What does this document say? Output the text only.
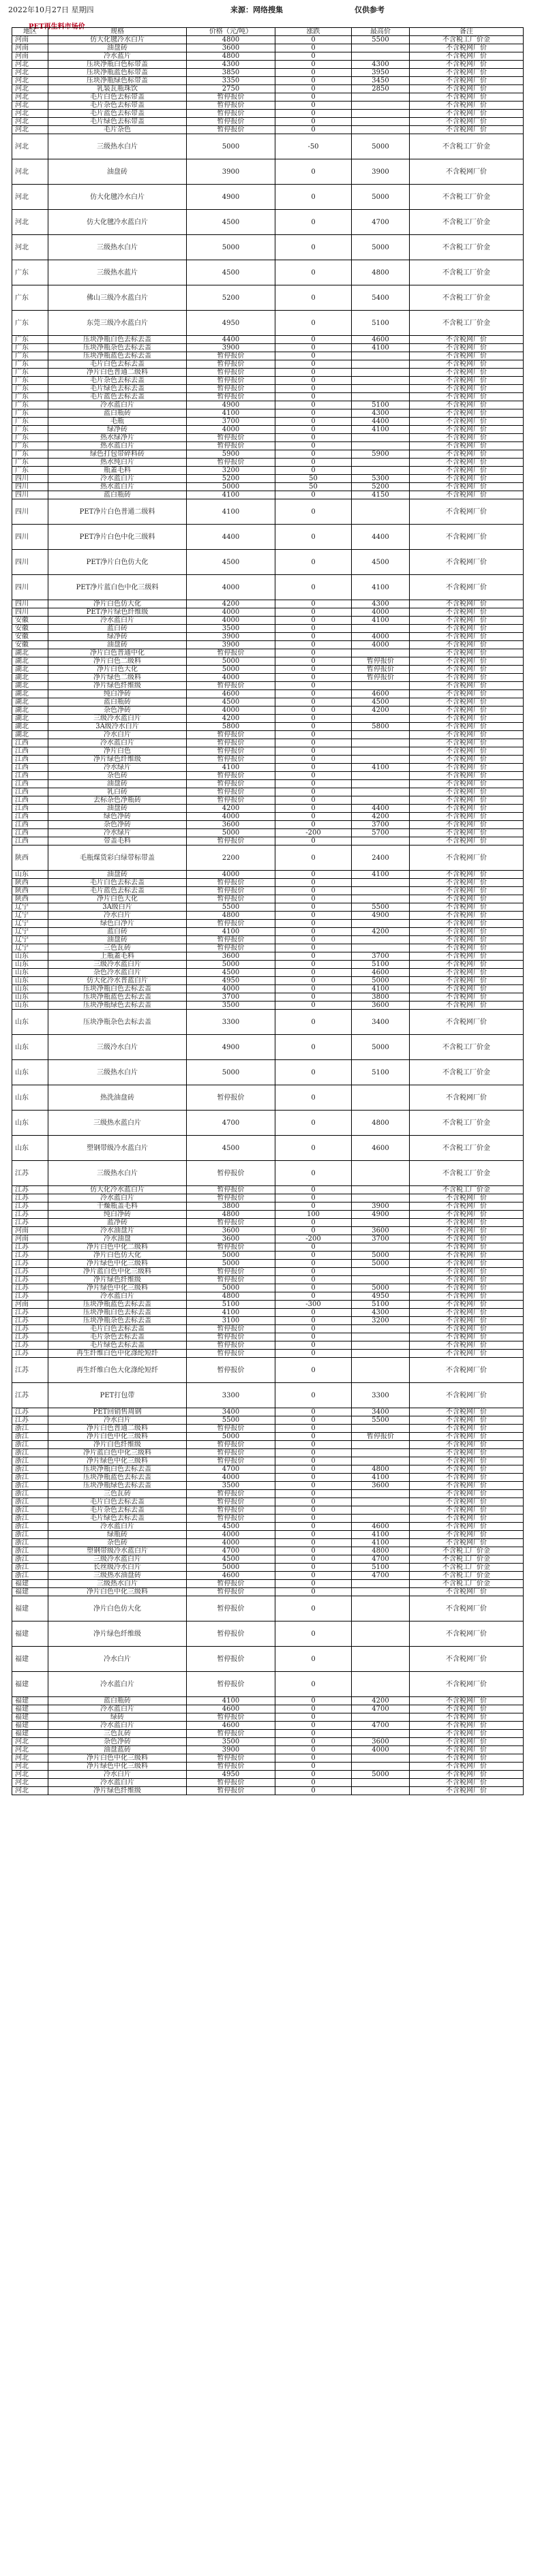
2022年10月27日 星期四	来源：网络搜集	仅供参考
PET再生料市场价
地区	规格	价格（元/吨）	涨跌	最高价	备注
河南	仿大化毽冷水白片	4800	0	5500	不含税工厂价金
河南	油盘砖	3600	0		不含税网厂价
河南	冷水蓝片	4800	0		不含税网厂价
河北	压块净瓶白色标带盖	4300	0	4300	不含税网厂价
河北	压块净瓶蓝色标带盖	3850	0	3950	不含税网厂价
河北	压块净瓶绿色标带盖	3350	0	3450	不含税网厂价
河北	乳装瓦瓶珠饮	2750	0	2850	不含税网厂价
河北	毛片白色去标带盖	暂停报价	0		不含税网厂价
河北	毛片杂色去标带盖	暂停报价	0		不含税网厂价
河北	毛片蓝色去标带盖	暂停报价	0		不含税网厂价
河北	毛片绿色去标带盖	暂停报价	0		不含税网厂价
河北	毛片杂色	暂停报价	0		不含税网厂价
河北	三级热水白片	5000	-50	5000	不含税工厂价金
河北	油盘砖	3900	0	3900	不含税网厂价
河北	仿大化毽冷水白片	4900	0	5000	不含税工厂价金
河北	仿大化毽冷水蓝白片	4500	0	4700	不含税工厂价金
河北	三级热水白片	5000	0	5000	不含税工厂价金
广东	三级热水蓝片	4500	0	4800	不含税工厂价金
广东	佛山三级冷水蓝白片	5200	0	5400	不含税工厂价金
广东	东莞三级冷水蓝白片	4950	0	5100	不含税工厂价金
广东	压块净瓶白色去标去盖	4400	0	4600	不含税网厂价
广东	压块净瓶杂色去标去盖	3900	0	4100	不含税网厂价
广东	压块净瓶蓝色去标去盖	暂停报价	0		不含税网厂价
广东	毛片白色去标去盖	暂停报价	0		不含税网厂价
广东	净片白色普通二级料	暂停报价	0		不含税网厂价
广东	毛片杂色去标去盖	暂停报价	0		不含税网厂价
广东	毛片绿色去标去盖	暂停报价	0		不含税网厂价
广东	毛片蓝色去标去盖	暂停报价	0		不含税网厂价
广东	冷水蓝白片	4900	0	5100	不含税网厂价
广东	蓝白瓶砖	4100	0	4300	不含税网厂价
广东	毛瓶	3700	0	4400	不含税网厂价
广东	绿净砖	4000	0	4100	不含税网厂价
广东	热水绿净片	暂停报价	0		不含税网厂价
广东	热水蓝白片	暂停报价	0		不含税网厂价
广东	绿色打包带碎料砖	5900	0	5900	不含税网厂价
广东	热水纯白片	暂停报价	0		不含税网厂价
广东	瓶蓋毛料	3200	0		不含税网厂价
四川	冷水蓝白片	5200	50	5300	不含税网厂价
四川	热水蓝白片	5000	50	5200	不含税网厂价
四川	蓝白瓶砖	4100	0	4150	不含税网厂价
四川	PET净片白色普通二级料	4100	0		不含税网厂价
四川	PET净片白色中化三级料	4400	0	4400	不含税网厂价
四川	PET净片白色仿大化	4500	0	4500	不含税网厂价
四川	PET净片蓝白色中化三级料	4000	0	4100	不含税网厂价
四川	净片白色仿大化	4200	0	4300	不含税网厂价
四川	PET净片绿色纤维级	4000	0	4000	不含税网厂价
安徽	冷水蓝白片	4000	0	4100	不含税网厂价
安徽	蓝白砖	3500	0		不含税网厂价
安徽	绿净砖	3900	0	4000	不含税网厂价
安徽	油盘砖	3900	0	4000	不含税网厂价
湖北	净片白色普通中化	暂停报价	0		不含税网厂价
湖北	净片白色二级料	5000	0	暂停报价	不含税网厂价
湖北	净片白色大化	5000	0	暂停报价	不含税网厂价
湖北	净片绿色二级料	4000	0	暂停报价	不含税网厂价
湖北	净片绿色纤维级	暂停报价	0		不含税网厂价
湖北	纯白净砖	4600	0	4600	不含税网厂价
湖北	蓝白瓶砖	4500	0	4500	不含税网厂价
湖北	杂色净砖	4000	0	4200	不含税网厂价
湖北	三级冷水蓝白片	4200	0		不含税网厂价
湖北	3A级冷水白片	5800	0	5800	不含税网厂价
湖北	冷水白片	暂停报价	0		不含税网厂价
江西	冷水蓝白片	暂停报价	0		不含税网厂价
江西	净片白色	暂停报价	0		不含税网厂价
江西	净片绿色纤维级	暂停报价	0		不含税网厂价
江西	冷水绿片	4100	0	4100	不含税网厂价
江西	杂色砖	暂停报价	0		不含税网厂价
江西	油盘砖	暂停报价	0		不含税网厂价
江西	乳白砖	暂停报价	0		不含税网厂价
江西	去标杂色净瓶砖	暂停报价	0		不含税网厂价
江西	油盘砖	4200	0	4400	不含税网厂价
江西	绿色净砖	4000	0	4200	不含税网厂价
江西	杂色净砖	3600	0	3700	不含税网厂价
江西	冷水绿片	5000	-200	5700	不含税网厂价
江西	带盖毛料	暂停报价	0		不含税网厂价
陕西	毛瓶煤货彩白绿带标带盖	2200	0	2400	不含税网厂价
山东	油盘砖	4000	0	4100	不含税网厂价
陕西	毛片白色去标去盖	暂停报价	0		不含税网厂价
陕西	毛片蓝色去标去盖	暂停报价	0		不含税网厂价
陕西	净片白色大化	暂停报价	0		不含税网厂价
辽宁	3A级白片	5500	0	5500	不含税网厂价
辽宁	冷水白片	4800	0	4900	不含税网厂价
辽宁	绿色白净片	暂停报价	0		不含税网厂价
辽宁	蓝白砖	4100	0	4200	不含税网厂价
辽宁	油盘砖	暂停报价	0		不含税网厂价
辽宁	三色瓦砖	暂停报价	0		不含税网厂价
山东	上瓶蓋毛料	3600	0	3700	不含税网厂价
山东	三级冷水蓝白片	5000	0	5100	不含税网厂价
山东	杂色冷水蓝白片	4500	0	4600	不含税网厂价
山东	仿大化冷水普蓝白片	4950	0	5000	不含税网厂价
山东	压块净瓶白色去标去盖	4000	0	4100	不含税网厂价
山东	压块净瓶蓝色去标去盖	3700	0	3800	不含税网厂价
山东	压块净瓶绿色去标去盖	3500	0	3600	不含税网厂价
山东	压块净瓶杂色去标去盖	3300	0	3400	不含税网厂价
山东	三级冷水白片	4900	0	5000	不含税工厂价金
山东	三级热水白片	5000	0	5100	不含税工厂价金
山东	热洗油盘砖	暂停报价	0		不含税网厂价
山东	三级热水蓝白片	4700	0	4800	不含税工厂价金
山东	塑钢带级冷水蓝白片	4500	0	4600	不含税工厂价金
江苏	三级热水白片	暂停报价	0		不含税工厂价金
江苏	仿大化冷水蓝白片	暂停报价	0		不含税工厂价金
江苏	冷水蓝白片	暂停报价	0		不含税网厂价
江苏	干燥瓶盖毛料	3800	0	3900	不含税网厂价
江苏	纯白净砖	4800	100	4900	不含税网厂价
江苏	蓝净砖	暂停报价	0		不含税网厂价
河南	冷水油盘片	3600	0	3600	不含税网厂价
河南	冷水油盘	3600	-200	3700	不含税网厂价
江苏	净片白色中化二级料	暂停报价	0		不含税网厂价
江苏	净片白色仿大化	5000	0	5000	不含税网厂价
江苏	净片绿色中化三级料	5000	0	5000	不含税网厂价
江苏	净片蓝白色中化三级料	暂停报价	0		不含税网厂价
江苏	净片绿色纤维级	暂停报价	0		不含税网厂价
江苏	净片绿色中化三级料	5000	0	5000	不含税网厂价
江苏	冷水蓝白片	4800	0	4950	不含税网厂价
河南	压块净瓶蓝色去标去盖	5100	-300	5100	不含税网厂价
江苏	压块净瓶白色去标去盖	4100	0	4300	不含税网厂价
江苏	压块净瓶杂色去标去盖	3100	0	3200	不含税网厂价
江苏	毛片白色去标去盖	暂停报价	0		不含税网厂价
江苏	毛片杂色去标去盖	暂停报价	0		不含税网厂价
江苏	毛片绿色去标去盖	暂停报价	0		不含税网厂价
江苏	再生纤维白色中化涤纶短纤	暂停报价	0		不含税网厂价
江苏	再生纤维白色大化涤纶短纤	暂停报价	0		不含税网厂价
江苏	PET打包带	3300	0	3300	不含税网厂价
江苏	PET回销售周钢	3400	0	3400	不含税网厂价
江苏	冷水白片	5500	0	5500	不含税网厂价
浙江	净片白色普通二级料	暂停报价	0		不含税网厂价
浙江	净片白色中化三级料	5000	0	暂停报价	不含税网厂价
浙江	净片白色纤维级	暂停报价	0		不含税网厂价
浙江	净片蓝白色中化三级料	暂停报价	0		不含税网厂价
浙江	净片绿色中化三级料	暂停报价	0		不含税网厂价
浙江	压块净瓶白色去标去盖	4700	0	4800	不含税网厂价
浙江	压块净瓶蓝色去标去盖	4000	0	4100	不含税网厂价
浙江	压块净瓶绿色去标去盖	3500	0	3600	不含税网厂价
浙江	三色瓦砖	暂停报价	0		不含税网厂价
浙江	毛片白色去标去盖	暂停报价	0		不含税网厂价
浙江	毛片杂色去标去盖	暂停报价	0		不含税网厂价
浙江	毛片绿色去标去盖	暂停报价	0		不含税网厂价
浙江	冷水蓝白片	4500	0	4600	不含税网厂价
浙江	绿瓶砖	4000	0	4100	不含税网厂价
浙江	杂色砖	4000	0	4100	不含税网厂价
浙江	塑钢带级冷水蓝白片	4700	0	4800	不含税工厂价金
浙江	三级冷水蓝白片	4500	0	4700	不含税工厂价金
浙江	长丝级冷水白片	5000	0	5100	不含税工厂价金
浙江	三级热水油盘砖	4600	0	4700	不含税工厂价金
福建	三级热水白片	暂停报价	0		不含税工厂价金
福建	净片白色中化三级料	暂停报价	0		不含税网厂价
福建	净片白色仿大化	暂停报价	0		不含税网厂价
福建	净片绿色纤维级	暂停报价	0		不含税网厂价
福建	冷水白片	暂停报价	0		不含税网厂价
福建	冷水蓝白片	暂停报价	0		不含税网厂价
福建	蓝白瓶砖	4100	0	4200	不含税网厂价
福建	冷水蓝白片	4600	0	4700	不含税网厂价
福建	绿砖	暂停报价	0		不含税网厂价
福建	冷水蓝白片	4600	0	4700	不含税网厂价
福建	三色瓦砖	暂停报价	0		不含税网厂价
河北	杂色净砖	3500	0	3600	不含税网厂价
河北	油盘蓝砖	3900	0	4000	不含税网厂价
河北	净片白色中化三级料	暂停报价	0		不含税网厂价
河北	净片绿色中化三级料	暂停报价	0		不含税网厂价
河北	冷水白片	4950	0	5000	不含税网厂价
河北	冷水蓝白片	暂停报价	0		不含税网厂价
河北	净片绿色纤维级	暂停报价	0		不含税网厂价
